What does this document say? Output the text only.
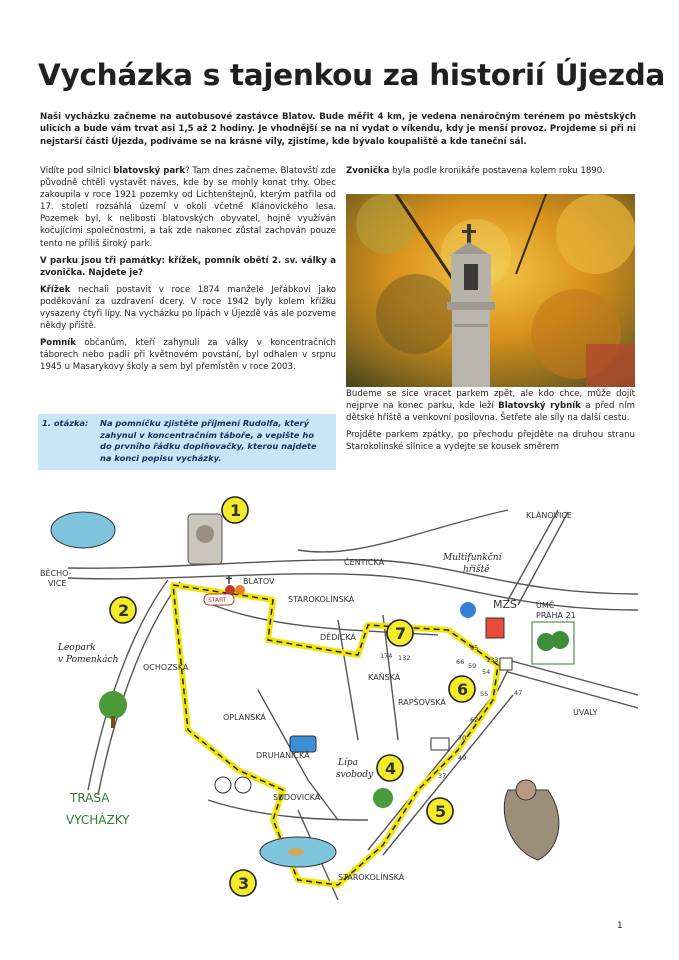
Vycházka s tajenkou za historií Újezda

Naši vycházku začneme na autobusové zastávce Blatov. Bude měřit 4 km, je vedena nenáročným terénem po městských ulicích a bude vám trvat asi 1,5 až 2 hodiny. Je vhodnější se na ni vydat o víkendu, kdy je menší provoz. Projdeme si při ni nejstarší části Újezda, podíváme se na krásné vily, zjistíme, kde bývalo koupaliště a kde taneční sál.

Vidíte pod silnicí blatovský park? Tam dnes začneme. Blatovští zde původně chtěli vystavět náves, kde by se mohly konat trhy. Obec zakoupila v roce 1921 pozemky od Lichtenštejnů, kterým patřila od 17. století rozsáhlá území v okolí včetně Klánovického lesa. Pozemek byl, k nelibosti blatovských obyvatel, hojně využíván kočujícími společnostmi, a tak zde nakonec zůstal zachován pouze tento ne příliš široký park.

V parku jsou tři památky: křížek, pomník obětí 2. sv. války a zvonička. Najdete je?

Křížek nechali postavit v roce 1874 manželé Jeřábkovi jako poděkování za uzdravení dcery. V roce 1942 byly kolem křížku vysazeny čtyři lípy. Na vycházku po lípách v Újezdě vás ale pozveme někdy příště.

Pomník občanům, kteří zahynuli za války v koncentračních táborech nebo padli při květnovém povstání, byl odhalen v srpnu 1945 u Masarykovy školy a sem byl přemístěn v roce 2003.

1. otázka: Na pomníčku zjistěte příjmení Rudolfa, který zahynul v koncentračním táboře, a vepište ho do prvního řádku doplňovačky, kterou najdete na konci popisu vycházky.

Zvonička byla podle kronikáře postavena kolem roku 1890.

Budeme se sice vracet parkem zpět, ale kdo chce, může dojít nejprve na konec parku, kde leží Blatovský rybník a před ním dětské hřiště a venkovní posilovna. Šetřete ale síly na další cestu.

Projděte parkem zpátky, po přechodu přejděte na druhou stranu Starokolínské silnice a vydejte se kousek směrem

✝
1
2
3
4
5
6
7
KLÁNOVICE
BĚCHO-
VICE
ČENTICKÁ
BLATOV
START	STAROKOLÍNSKÁ
OCHOZSKÁ
DĚDICKÁ
KAŇSKÁ
RAPŠOVSKÁ
OPLANSKÁ
DRUHANICKÁ
SUDOVICKÁ
STAROKOLÍNSKÁ
ÚVALY
MZŠ ÚMČ
PRAHA 21
Multifunkční
hřiště
Leopark
v Pomenkách
Lípa
svobody
TRASA
VYCHÁZKY
174 132
95
133
66 59
54
55	47
62
70
49
37
1
